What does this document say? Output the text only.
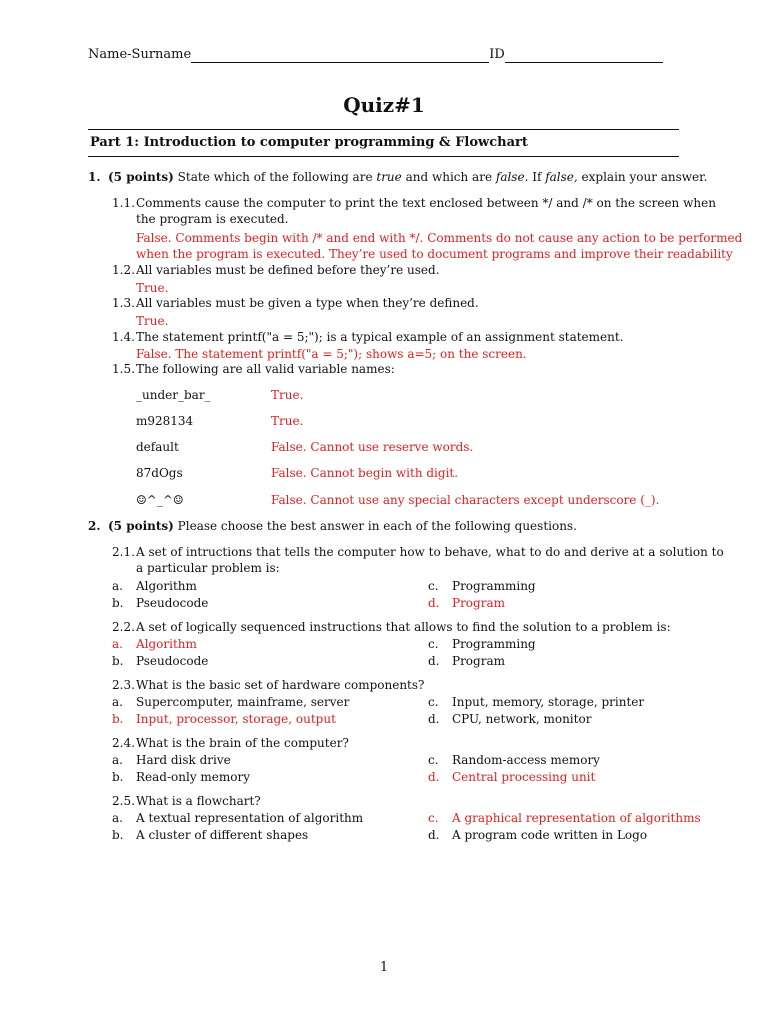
Name-Surname	ID
Quiz#1
Part 1: Introduction to computer programming & Flowchart
1. (5 points) State which of the following are true and which are false. If false, explain your answer.
1.1.Comments cause the computer to print the text enclosed between */ and /* on the screen when
the program is executed.
False. Comments begin with /* and end with */. Comments do not cause any action to be performed
when the program is executed. They’re used to document programs and improve their readability
1.2.All variables must be defined before they’re used.
True.
1.3.All variables must be given a type when they’re defined.
True.
1.4.The statement printf("a = 5;"); is a typical example of an assignment statement.
False. The statement printf("a = 5;"); shows a=5; on the screen.
1.5.The following are all valid variable names:
_under_bar_	True.
m928134	True.
default	False. Cannot use reserve words.
87dOgs	False. Cannot begin with digit.
☺^_^☺	False. Cannot use any special characters except underscore (_).
2. (5 points) Please choose the best answer in each of the following questions.
2.1.A set of intructions that tells the computer how to behave, what to do and derive at a solution to
a particular problem is:
a. Algorithm	c. Programming
b. Pseudocode	d. Program
2.2.A set of logically sequenced instructions that allows to find the solution to a problem is:
a. Algorithm	c. Programming
b. Pseudocode	d. Program
2.3.What is the basic set of hardware components?
a. Supercomputer, mainframe, server	c. Input, memory, storage, printer
b. Input, processor, storage, output	d. CPU, network, monitor
2.4.What is the brain of the computer?
a. Hard disk drive	c. Random-access memory
b. Read-only memory	d. Central processing unit
2.5.What is a flowchart?
a. A textual representation of algorithm	c. A graphical representation of algorithms
b. A cluster of different shapes	d. A program code written in Logo
1
